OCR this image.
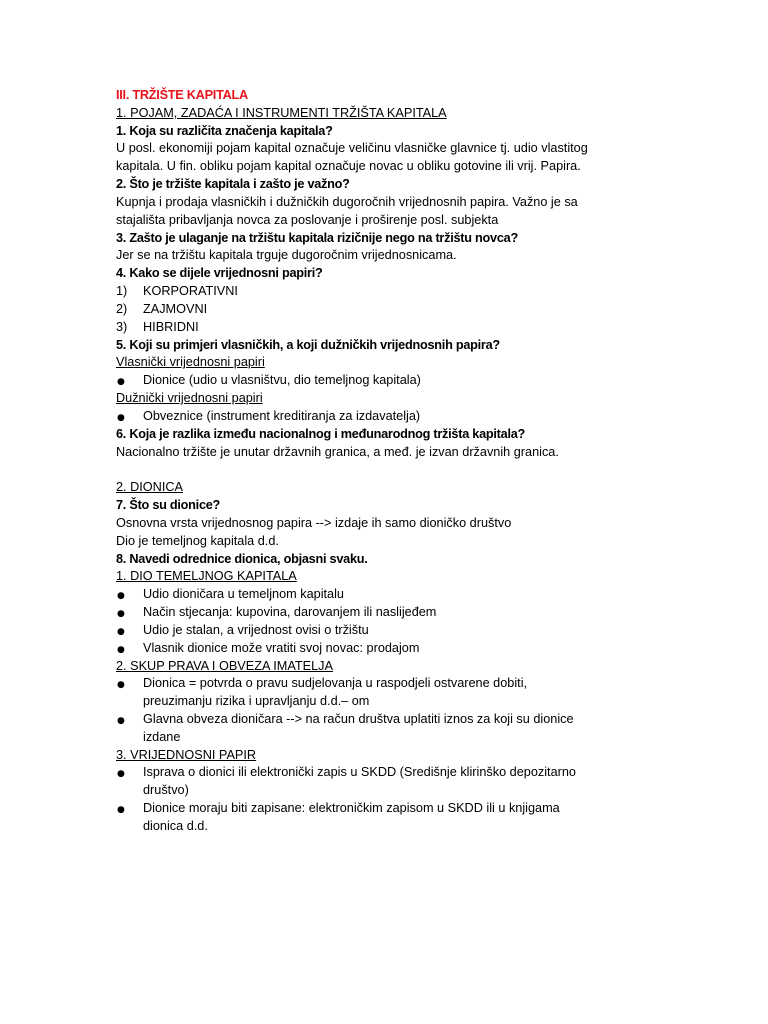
III. TRŽIŠTE KAPITALA
1. POJAM, ZADAĆA I INSTRUMENTI TRŽIŠTA KAPITALA
1. Koja su različita značenja kapitala?
U posl. ekonomiji pojam kapital označuje veličinu vlasničke glavnice tj. udio vlastitog
kapitala. U fin. obliku pojam kapital označuje novac u obliku gotovine ili vrij. Papira.
2. Što je tržište kapitala i zašto je važno?
Kupnja i prodaja vlasničkih i dužničkih dugoročnih vrijednosnih papira. Važno je sa
stajališta pribavljanja novca za poslovanje i proširenje posl. subjekta
3. Zašto je ulaganje na tržištu kapitala rizičnije nego na tržištu novca?
Jer se na tržištu kapitala trguje dugoročnim vrijednosnicama.
4. Kako se dijele vrijednosni papiri?
1) KORPORATIVNI
2) ZAJMOVNI
3) HIBRIDNI
5. Koji su primjeri vlasničkih, a koji dužničkih vrijednosnih papira?
Vlasnički vrijednosni papiri
● Dionice (udio u vlasništvu, dio temeljnog kapitala)
Dužnički vrijednosni papiri
● Obveznice (instrument kreditiranja za izdavatelja)
6. Koja je razlika između nacionalnog i međunarodnog tržišta kapitala?
Nacionalno tržište je unutar državnih granica, a međ. je izvan državnih granica.
2. DIONICA
7. Što su dionice?
Osnovna vrsta vrijednosnog papira --> izdaje ih samo dioničko društvo
Dio je temeljnog kapitala d.d.
8. Navedi odrednice dionica, objasni svaku.
1. DIO TEMELJNOG KAPITALA
● Udio dioničara u temeljnom kapitalu
● Način stjecanja: kupovina, darovanjem ili naslijeđem
● Udio je stalan, a vrijednost ovisi o tržištu
● Vlasnik dionice može vratiti svoj novac: prodajom
2. SKUP PRAVA I OBVEZA IMATELJA
● Dionica = potvrda o pravu sudjelovanja u raspodjeli ostvarene dobiti,
preuzimanju rizika i upravljanju d.d.– om
● Glavna obveza dioničara --> na račun društva uplatiti iznos za koji su dionice
izdane
3. VRIJEDNOSNI PAPIR
● Isprava o dionici ili elektronički zapis u SKDD (Središnje klirinško depozitarno
društvo)
● Dionice moraju biti zapisane: elektroničkim zapisom u SKDD ili u knjigama
dionica d.d.
